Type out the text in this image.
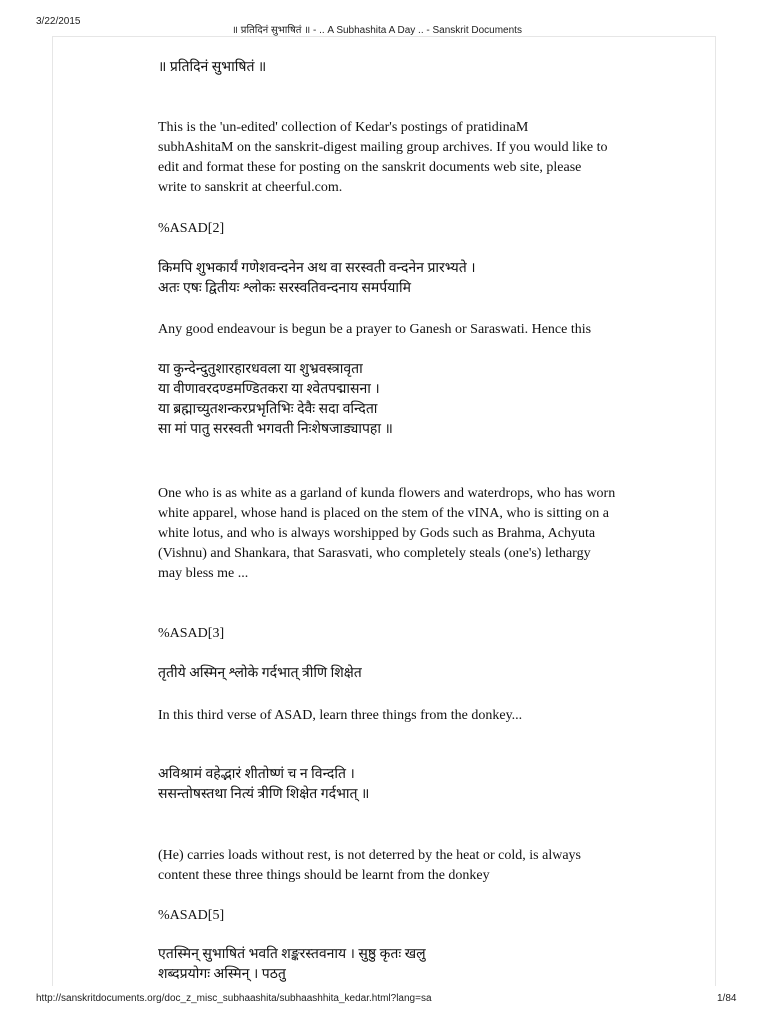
3/22/2015
॥ प्रतिदिनं सुभाषितं ॥ - .. A Subhashita A Day .. - Sanskrit Documents

॥ प्रतिदिनं सुभाषितं ॥

This is the 'un-edited' collection of Kedar's postings of pratidinaM
subhAshitaM on the sanskrit-digest mailing group archives. If you would like to
edit and format these for posting on the sanskrit documents web site, please
write to sanskrit at cheerful.com.

%ASAD[2]

किमपि शुभकार्यं गणेशवन्दनेन अथ वा सरस्वती वन्दनेन प्रारभ्यते ।
अतः एषः द्वितीयः श्लोकः सरस्वतिवन्दनाय समर्पयामि

Any good endeavour is begun be a prayer to Ganesh or Saraswati. Hence this

या कुन्देन्दुतुशारहारधवला या शुभ्रवस्त्रावृता
या वीणावरदण्डमण्डितकरा या श्वेतपद्मासना ।
या ब्रह्माच्युतशन्करप्रभृतिभिः देवैः सदा वन्दिता
सा मां पातु सरस्वती भगवती निःशेषजाड्यापहा ॥

One who is as white as a garland of kunda flowers and waterdrops, who has worn
white apparel, whose hand is placed on the stem of the vINA, who is sitting on a
white lotus, and who is always worshipped by Gods such as Brahma, Achyuta
(Vishnu) and Shankara, that Sarasvati, who completely steals (one's) lethargy
may bless me ...

%ASAD[3]

तृतीये अस्मिन् श्लोके गर्दभात् त्रीणि शिक्षेत

In this third verse of ASAD, learn three things from the donkey...

अविश्रामं वहेद्भारं शीतोष्णं च न विन्दति ।
ससन्तोषस्तथा नित्यं त्रीणि शिक्षेत गर्दभात् ॥

(He) carries loads without rest, is not deterred by the heat or cold, is always
content these three things should be learnt from the donkey

%ASAD[5]

एतस्मिन् सुभाषितं भवति शङ्करस्तवनाय । सुष्ठु कृतः खलु
शब्दप्रयोगः अस्मिन् । पठतु

http://sanskritdocuments.org/doc_z_misc_subhaashita/subhaashhita_kedar.html?lang=sa	1/84
